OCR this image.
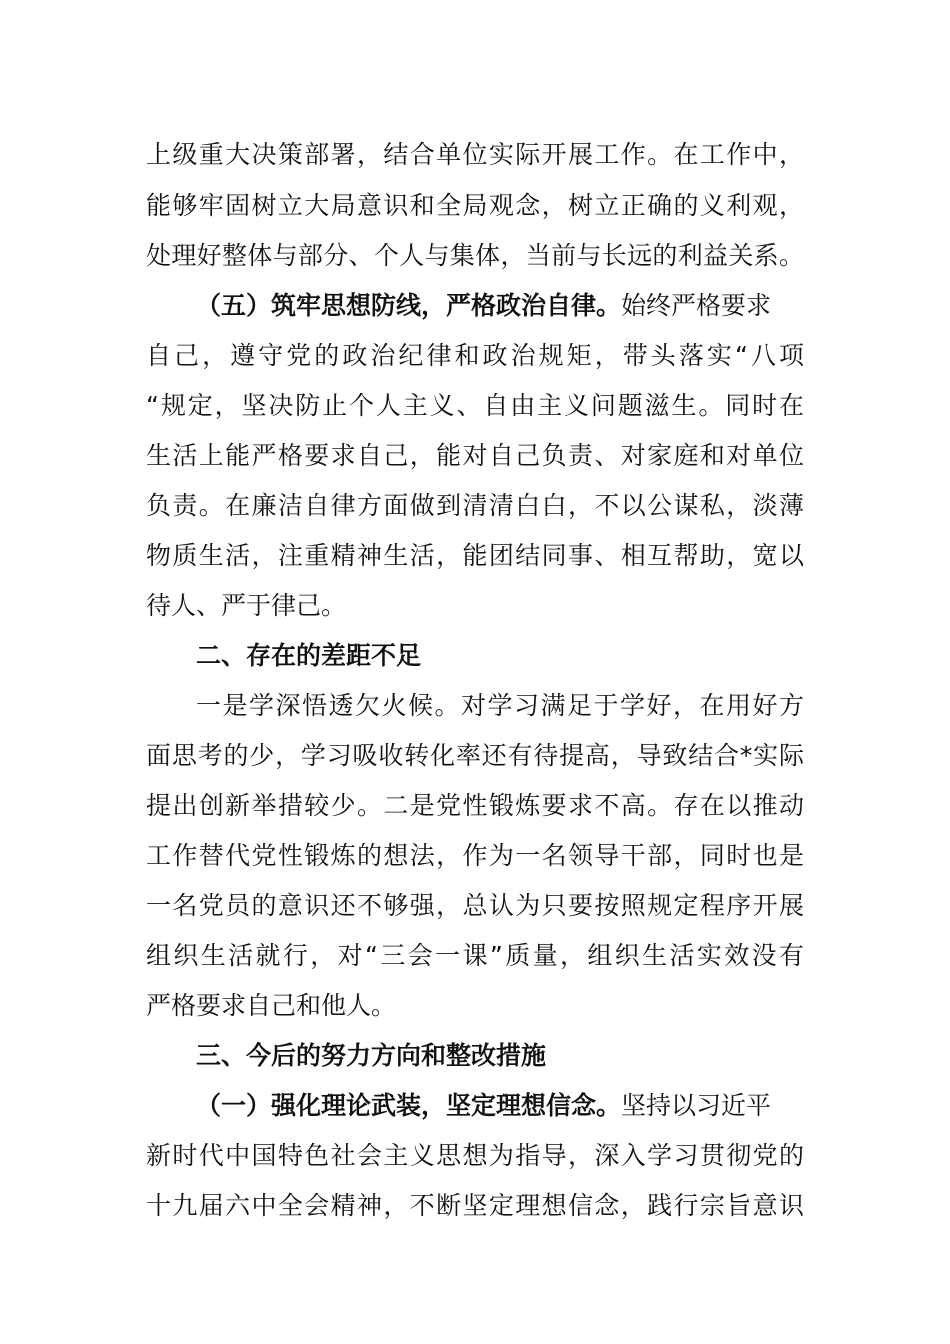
上级重大决策部署，结合单位实际开展工作。在工作中，
能够牢固树立大局意识和全局观念，树立正确的义利观，
处理好整体与部分、个人与集体，当前与长远的利益关系。
（五）筑牢思想防线，严格政治自律。始终严格要求
自己，遵守党的政治纪律和政治规矩，带头落实“八项
“规定，坚决防止个人主义、自由主义问题滋生。同时在
生活上能严格要求自己，能对自己负责、对家庭和对单位
负责。在廉洁自律方面做到清清白白，不以公谋私，淡薄
物质生活，注重精神生活，能团结同事、相互帮助，宽以
待人、严于律己。
二、存在的差距不足
一是学深悟透欠火候。对学习满足于学好，在用好方
面思考的少，学习吸收转化率还有待提高，导致结合*实际
提出创新举措较少。二是党性锻炼要求不高。存在以推动
工作替代党性锻炼的想法，作为一名领导干部，同时也是
一名党员的意识还不够强，总认为只要按照规定程序开展
组织生活就行，对“三会一课”质量，组织生活实效没有
严格要求自己和他人。
三、今后的努力方向和整改措施
（一）强化理论武装，坚定理想信念。坚持以习近平
新时代中国特色社会主义思想为指导，深入学习贯彻党的
十九届六中全会精神，不断坚定理想信念，践行宗旨意识
